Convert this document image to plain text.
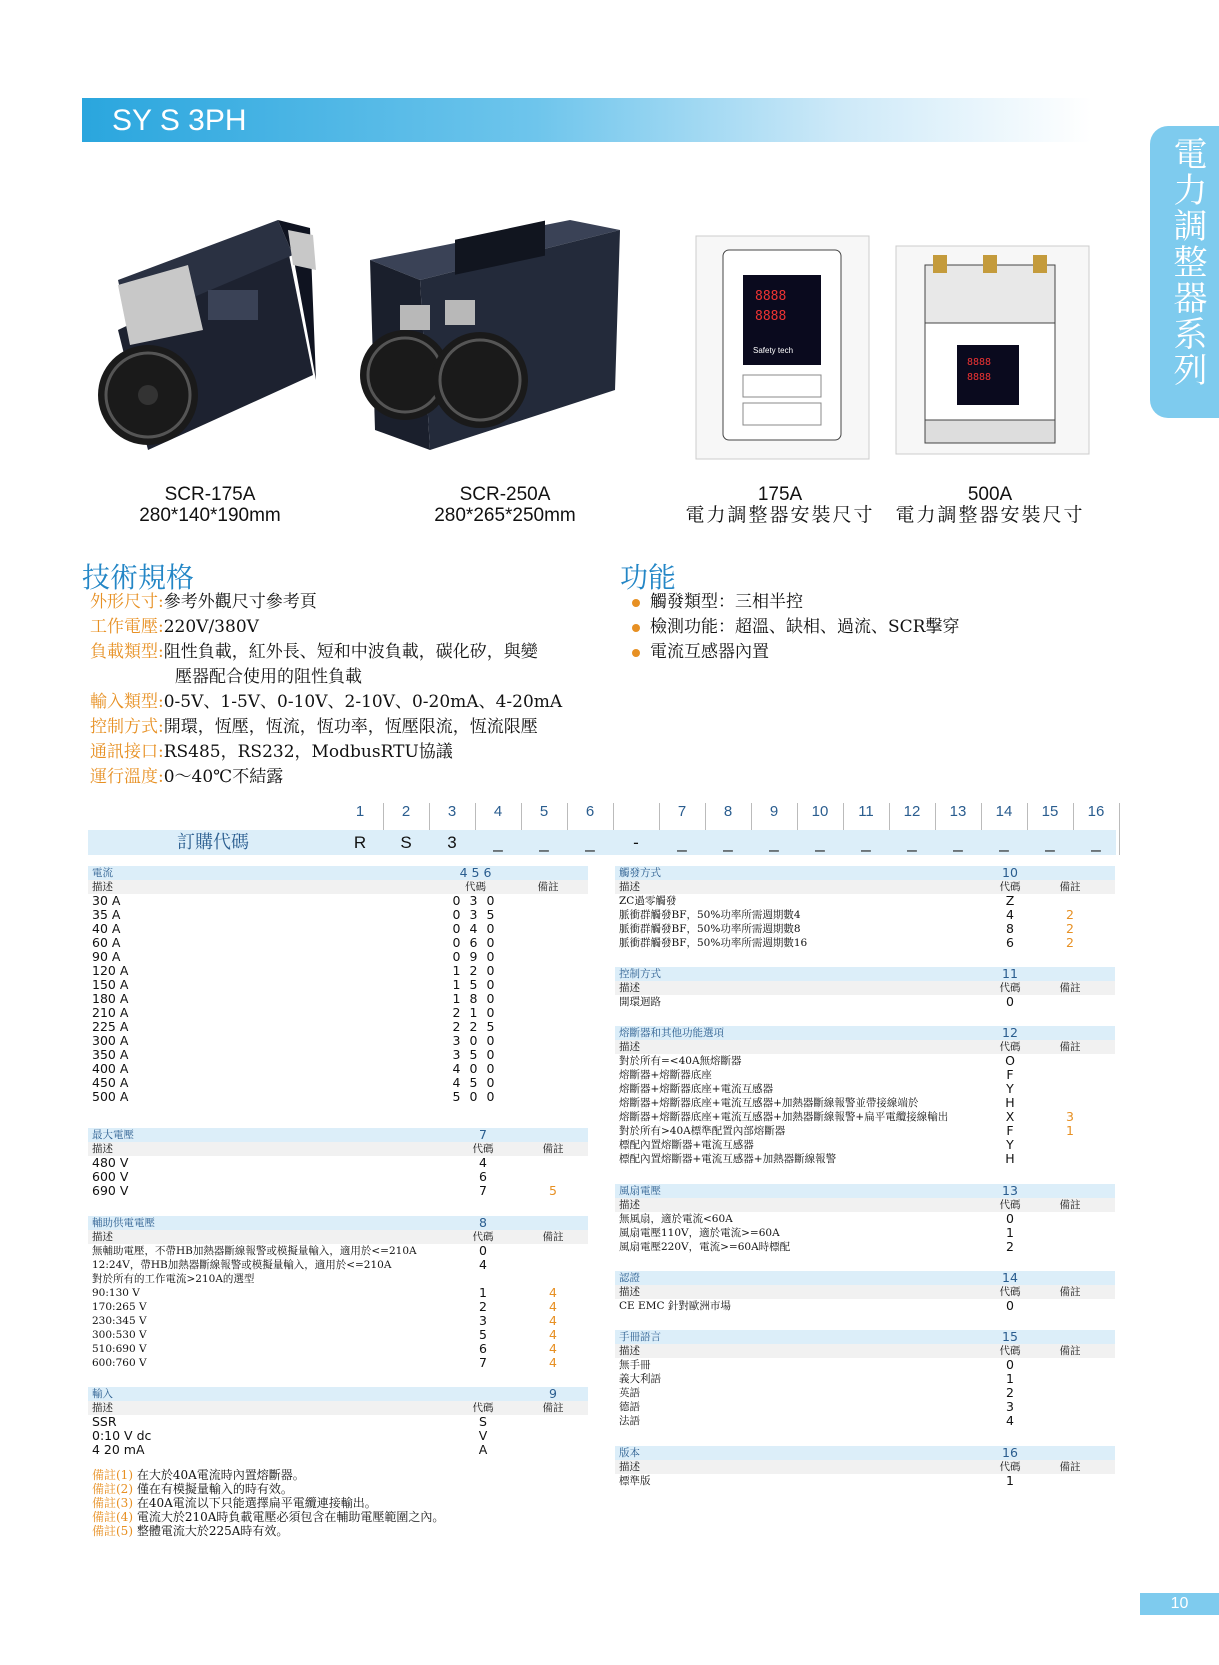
SY S 3PH
電力調整器系列
8888
8888
Safety tech
8888
8888
SCR-175A
280*140*190mm
SCR-250A
280*265*250mm
175A
電力調整器安裝尺寸
500A
電力調整器安裝尺寸
技術規格
外形尺寸:參考外觀尺寸參考頁
工作電壓:220V/380V
負載類型:阻性負載，紅外長、短和中波負載，碳化矽，與變
壓器配合使用的阻性負載
輸入類型:0-5V、1-5V、0-10V、2-10V、0-20mA、4-20mA
控制方式:開環，恆壓，恆流，恆功率，恆壓限流，恆流限壓
通訊接口:RS485，RS232，ModbusRTU協議
運行溫度:0～40℃不結露
功能
觸發類型：三相半控
檢測功能：超溫、缺相、過流、SCR擊穿
電流互感器內置
1	2	3	4	5	6	7	8	9	10	11	12	13	14	15	16
訂購代碼	R	S	3	_	_	_	-	_	_	_	_	_	_	_	_	_	_
電流	4 5 6
描述	代碼	備註
30 A	0 3 0
35 A	0 3 5
40 A	0 4 0
60 A	0 6 0
90 A	0 9 0
120 A	1 2 0
150 A	1 5 0
180 A	1 8 0
210 A	2 1 0
225 A	2 2 5
300 A	3 0 0
350 A	3 5 0
400 A	4 0 0
450 A	4 5 0
500 A	5 0 0
最大電壓	7
描述	代碼	備註
480 V	4
600 V	6
690 V	7	5
輔助供電電壓	8
描述	代碼	備註
無輔助電壓，不帶HB加熱器斷線報警或模擬量輸入，適用於<=210A	0
12:24V，帶HB加熱器斷線報警或模擬量輸入，適用於<=210A	4
對於所有的工作電流>210A的選型
90:130 V	1	4
170:265 V	2	4
230:345 V	3	4
300:530 V	5	4
510:690 V	6	4
600:760 V	7	4
輸入	9
描述	代碼	備註
SSR	S
0:10 V dc	V
4 20 mA	A
觸發方式	10
描述	代碼	備註
ZC過零觸發	Z
脈衝群觸發BF，50%功率所需週期數4	4	2
脈衝群觸發BF，50%功率所需週期數8	8	2
脈衝群觸發BF，50%功率所需週期數16	6	2
控制方式	11
描述	代碼	備註
開環迴路	0
熔斷器和其他功能選項	12
描述	代碼	備註
對於所有=<40A無熔斷器	O
熔斷器+熔斷器底座	F
熔斷器+熔斷器底座+電流互感器	Y
熔斷器+熔斷器底座+電流互感器+加熱器斷線報警並帶接線端於	H
熔斷器+熔斷器底座+電流互感器+加熱器斷線報警+扁平電纜接線輸出	X	3
對於所有>40A標準配置內部熔斷器	F	1
標配內置熔斷器+電流互感器	Y
標配內置熔斷器+電流互感器+加熱器斷線報警	H
風扇電壓	13
描述	代碼	備註
無風扇，適於電流<60A	0
風扇電壓110V，適於電流>=60A	1
風扇電壓220V，電流>=60A時標配	2
認證	14
描述	代碼	備註
CE EMC 針對歐洲市場	0
手冊語言	15
描述	代碼	備註
無手冊	0
義大利語	1
英語	2
德語	3
法語	4
版本	16
描述	代碼	備註
標準版	1
備註(1) 在大於40A電流時內置熔斷器。
備註(2) 僅在有模擬量輸入的時有效。
備註(3) 在40A電流以下只能選擇扁平電纜連接輸出。
備註(4) 電流大於210A時負載電壓必須包含在輔助電壓範圍之內。
備註(5) 整體電流大於225A時有效。
10
